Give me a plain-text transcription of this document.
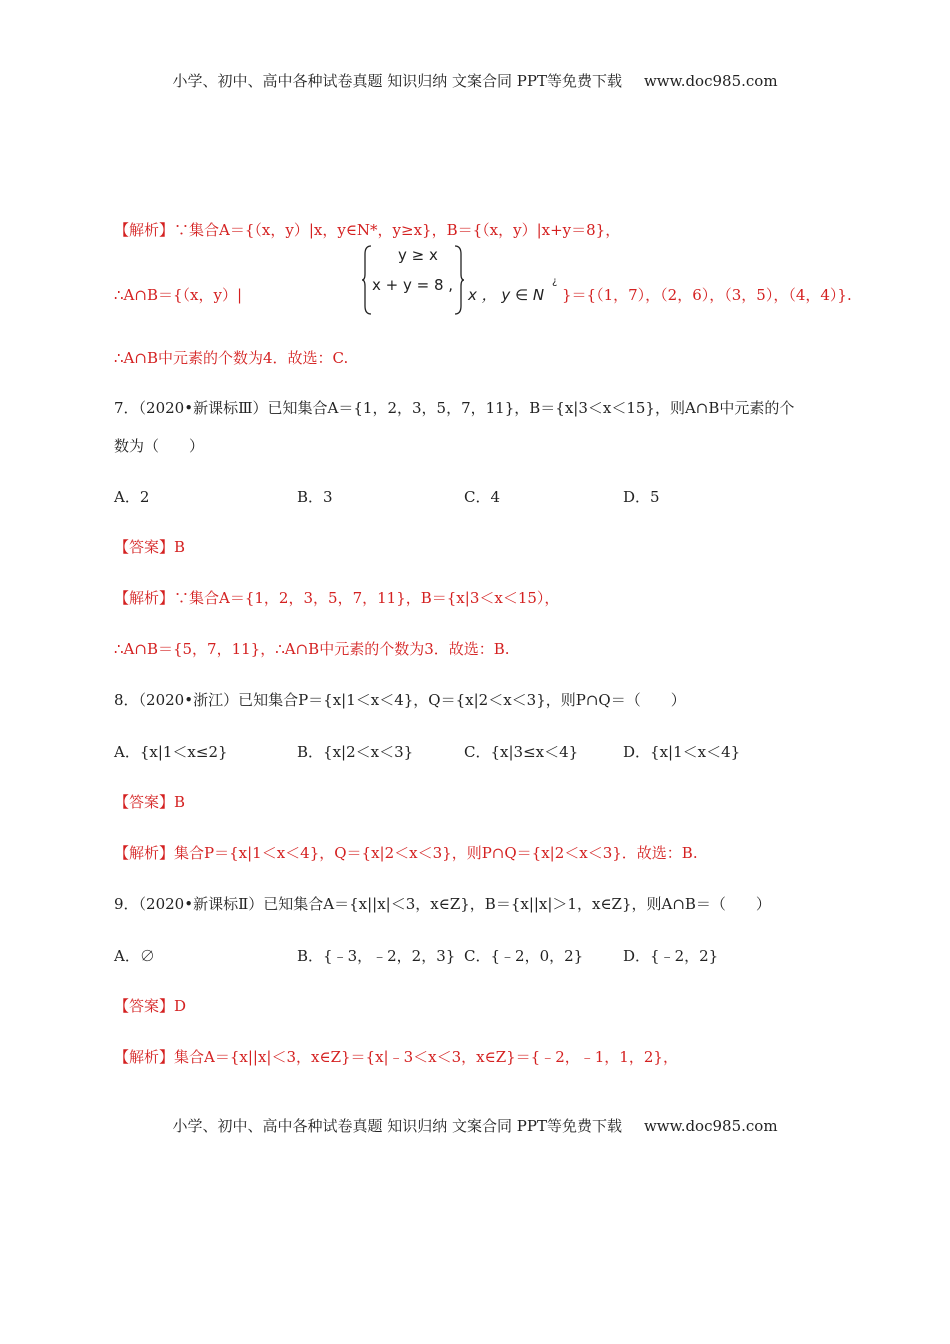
小学、初中、高中各种试卷真题 知识归纳 文案合同 PPT等免费下载 www.doc985.com
【解析】∵集合A＝{（x，y）|x，y∈N*，y≥x}，B＝{（x，y）|x+y＝8}，
∴A∩B＝{（x，y）|
y ≥ x
x + y = 8 ,
x ， y ∈ N
¿
}＝{（1，7），（2，6），（3，5），（4，4）}.
∴A∩B中元素的个数为4．故选：C.
7．（2020•新课标Ⅲ）已知集合A＝{1，2，3，5，7，11}，B＝{x|3＜x＜15}，则A∩B中元素的个
数为（　　）
A．2	B．3	C．4	D．5
【答案】B
【解析】∵集合A＝{1，2，3，5，7，11}，B＝{x|3＜x＜15），
∴A∩B＝{5，7，11}，∴A∩B中元素的个数为3．故选：B.
8．（2020•浙江）已知集合P＝{x|1＜x＜4}，Q＝{x|2＜x＜3}，则P∩Q＝（　　）
A．{x|1＜x≤2}	B．{x|2＜x＜3}	C．{x|3≤x＜4}	D．{x|1＜x＜4}
【答案】B
【解析】集合P＝{x|1＜x＜4}，Q＝{x|2＜x＜3}，则P∩Q＝{x|2＜x＜3}．故选：B.
9．（2020•新课标Ⅱ）已知集合A＝{x||x|＜3，x∈Z}，B＝{x||x|＞1，x∈Z}，则A∩B＝（　　）
A．∅	B．{﹣3，﹣2，2，3} C．{﹣2，0，2}	D．{﹣2，2}
【答案】D
【解析】集合A＝{x||x|＜3，x∈Z}＝{x|﹣3＜x＜3，x∈Z}＝{﹣2，﹣1，1，2}，
小学、初中、高中各种试卷真题 知识归纳 文案合同 PPT等免费下载 www.doc985.com
